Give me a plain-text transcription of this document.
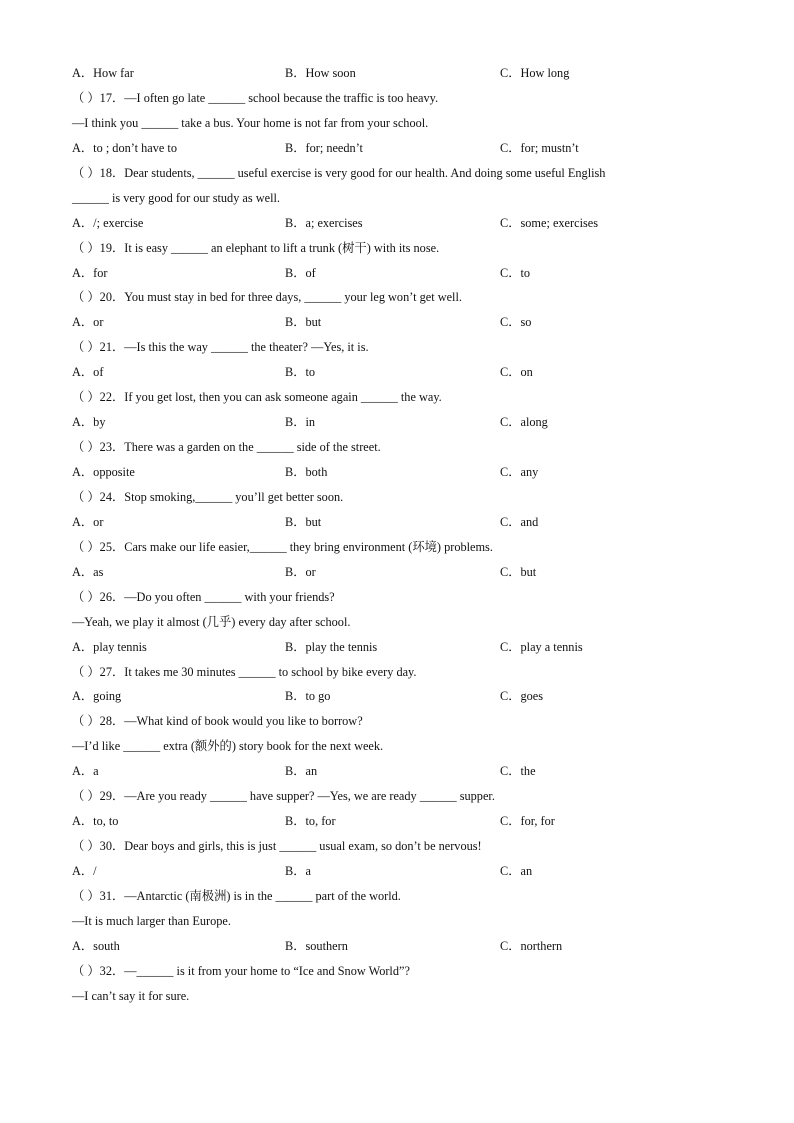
A．How far	B．How soon	C．How long
（ ）17．—I often go late ______ school because the traffic is too heavy.
—I think you ______ take a bus. Your home is not far from your school.
A．to ; don’t have to	B．for; needn’t	C．for; mustn’t
（ ）18．Dear students, ______ useful exercise is very good for our health. And doing some useful English
______ is very good for our study as well.
A．/; exercise	B．a; exercises	C．some; exercises
（ ）19．It is easy ______ an elephant to lift a trunk (树干) with its nose.
A．for	B．of	C．to
（ ）20．You must stay in bed for three days, ______ your leg won’t get well.
A．or	B．but	C．so
（ ）21．—Is this the way ______ the theater? —Yes, it is.
A．of	B．to	C．on
（ ）22．If you get lost, then you can ask someone again ______ the way.
A．by	B．in	C．along
（ ）23．There was a garden on the ______ side of the street.
A．opposite	B．both	C．any
（ ）24．Stop smoking,______ you’ll get better soon.
A．or	B．but	C．and
（ ）25．Cars make our life easier,______ they bring environment (环境) problems.
A．as	B．or	C．but
（ ）26．—Do you often ______ with your friends?
—Yeah, we play it almost (几乎) every day after school.
A．play tennis	B．play the tennis	C．play a tennis
（ ）27．It takes me 30 minutes ______ to school by bike every day.
A．going	B．to go	C．goes
（ ）28．—What kind of book would you like to borrow?
—I’d like ______ extra (额外的) story book for the next week.
A．a	B．an	C．the
（ ）29．—Are you ready ______ have supper? —Yes, we are ready ______ supper.
A．to, to	B．to, for	C．for, for
（ ）30．Dear boys and girls, this is just ______ usual exam, so don’t be nervous!
A．/	B．a	C．an
（ ）31．—Antarctic (南极洲) is in the ______ part of the world.
—It is much larger than Europe.
A．south	B．southern	C．northern
（ ）32．—______ is it from your home to “Ice and Snow World”?
—I can’t say it for sure.
